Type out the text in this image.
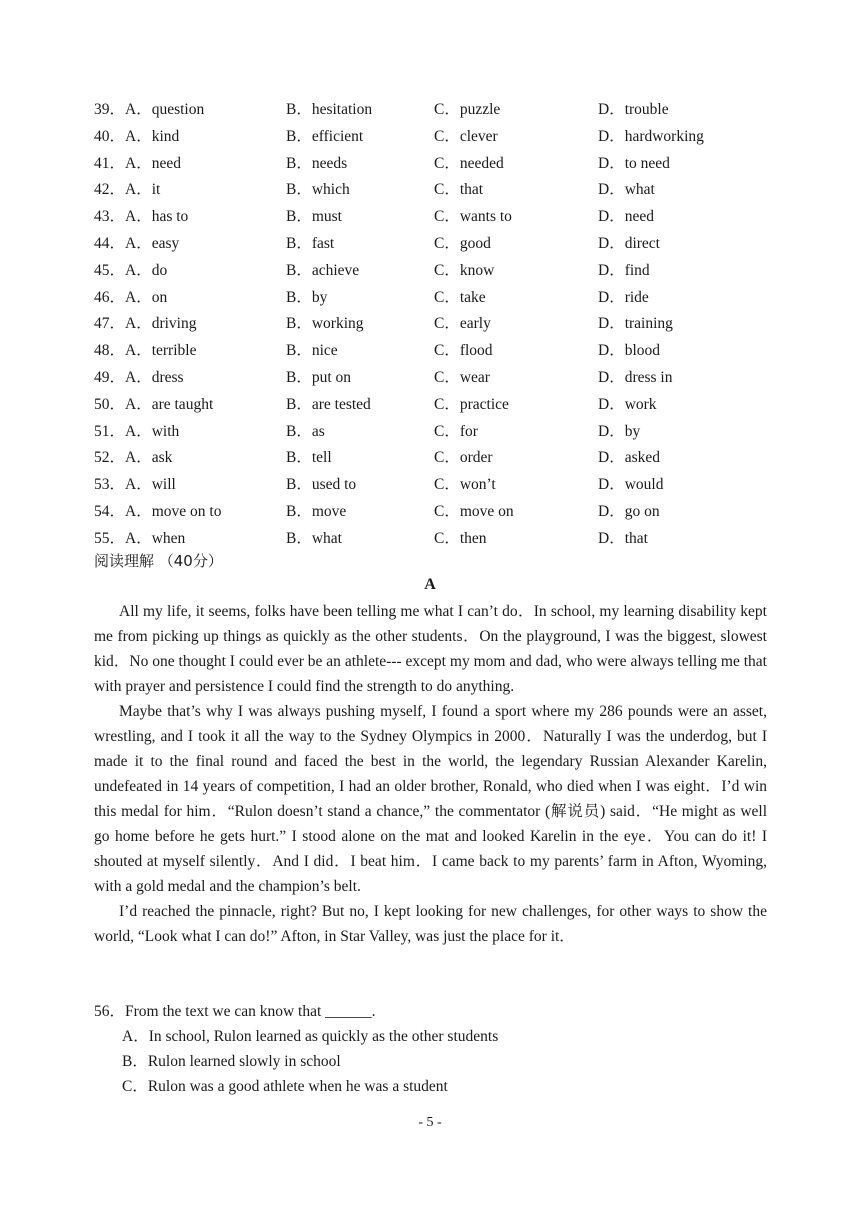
39．A．question	B．hesitation	C．puzzle	D．trouble
40．A．kind	B．efficient	C．clever	D．hardworking
41．A．need	B．needs	C．needed	D．to need
42．A．it	B．which	C．that	D．what
43．A．has to	B．must	C．wants to	D．need
44．A．easy	B．fast	C．good	D．direct
45．A．do	B．achieve	C．know	D．find
46．A．on	B．by	C．take	D．ride
47．A．driving	B．working	C．early	D．training
48．A．terrible	B．nice	C．flood	D．blood
49．A．dress	B．put on	C．wear	D．dress in
50．A．are taught	B．are tested	C．practice	D．work
51．A．with	B．as	C．for	D．by
52．A．ask	B．tell	C．order	D．asked
53．A．will	B．used to	C．won’t	D．would
54．A．move on to	B．move	C．move on	D．go on
55．A．when	B．what	C．then	D．that
阅读理解 （40分）
A

All my life, it seems, folks have been telling me what I can’t do．In school, my learning disability kept me from picking up things as quickly as the other students．On the playground, I was the biggest, slowest kid．No one thought I could ever be an athlete--- except my mom and dad, who were always telling me that with prayer and persistence I could find the strength to do anything.

Maybe that’s why I was always pushing myself, I found a sport where my 286 pounds were an asset, wrestling, and I took it all the way to the Sydney Olympics in 2000．Naturally I was the underdog, but I made it to the final round and faced the best in the world, the legendary Russian Alexander Karelin, undefeated in 14 years of competition, I had an older brother, Ronald, who died when I was eight．I’d win this medal for him．“Rulon doesn’t stand a chance,” the commentator (解说员) said．“He might as well go home before he gets hurt.” I stood alone on the mat and looked Karelin in the eye．You can do it! I shouted at myself silently．And I did．I beat him．I came back to my parents’ farm in Afton, Wyoming, with a gold medal and the champion’s belt.

I’d reached the pinnacle, right? But no, I kept looking for new challenges, for other ways to show the world, “Look what I can do!” Afton, in Star Valley, was just the place for it．

56．From the text we can know that ______.

A．In school, Rulon learned as quickly as the other students

B．Rulon learned slowly in school

C．Rulon was a good athlete when he was a student

- 5 -
